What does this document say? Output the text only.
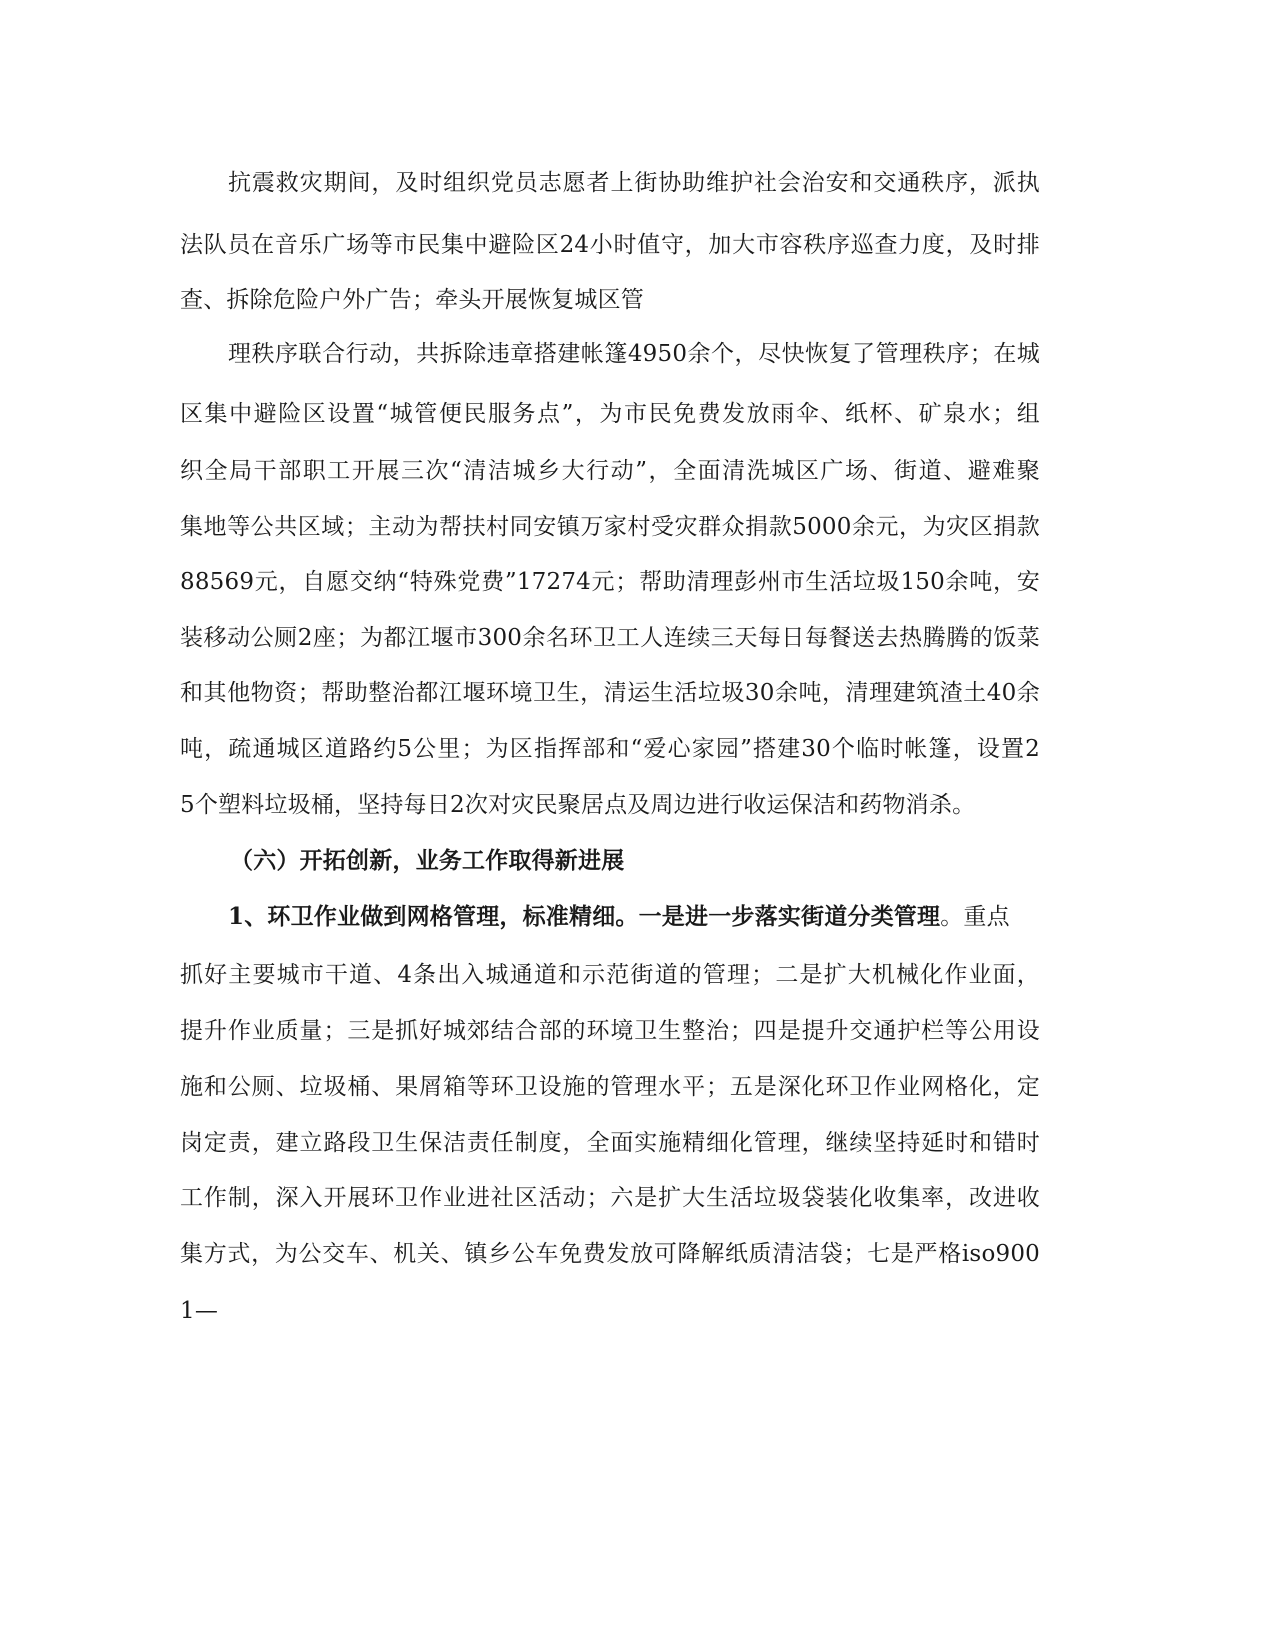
抗震救灾期间，及时组织党员志愿者上街协助维护社会治安和交通秩序，派执
法队员在音乐广场等市民集中避险区24小时值守，加大市容秩序巡查力度，及时排
查、拆除危险户外广告；牵头开展恢复城区管
理秩序联合行动，共拆除违章搭建帐篷4950余个，尽快恢复了管理秩序；在城
区集中避险区设置“城管便民服务点”，为市民免费发放雨伞、纸杯、矿泉水；组
织全局干部职工开展三次“清洁城乡大行动”，全面清洗城区广场、街道、避难聚
集地等公共区域；主动为帮扶村同安镇万家村受灾群众捐款5000余元，为灾区捐款
88569元，自愿交纳“特殊党费”17274元；帮助清理彭州市生活垃圾150余吨，安
装移动公厕2座；为都江堰市300余名环卫工人连续三天每日每餐送去热腾腾的饭菜
和其他物资；帮助整治都江堰环境卫生，清运生活垃圾30余吨，清理建筑渣土40余
吨，疏通城区道路约5公里；为区指挥部和“爱心家园”搭建30个临时帐篷，设置2
5个塑料垃圾桶，坚持每日2次对灾民聚居点及周边进行收运保洁和药物消杀。
（六）开拓创新，业务工作取得新进展
1、环卫作业做到网格管理，标准精细。一是进一步落实街道分类管理。重点
抓好主要城市干道、4条出入城通道和示范街道的管理；二是扩大机械化作业面，
提升作业质量；三是抓好城郊结合部的环境卫生整治；四是提升交通护栏等公用设
施和公厕、垃圾桶、果屑箱等环卫设施的管理水平；五是深化环卫作业网格化，定
岗定责，建立路段卫生保洁责任制度，全面实施精细化管理，继续坚持延时和错时
工作制，深入开展环卫作业进社区活动；六是扩大生活垃圾袋装化收集率，改进收
集方式，为公交车、机关、镇乡公车免费发放可降解纸质清洁袋；七是严格iso900
1—
